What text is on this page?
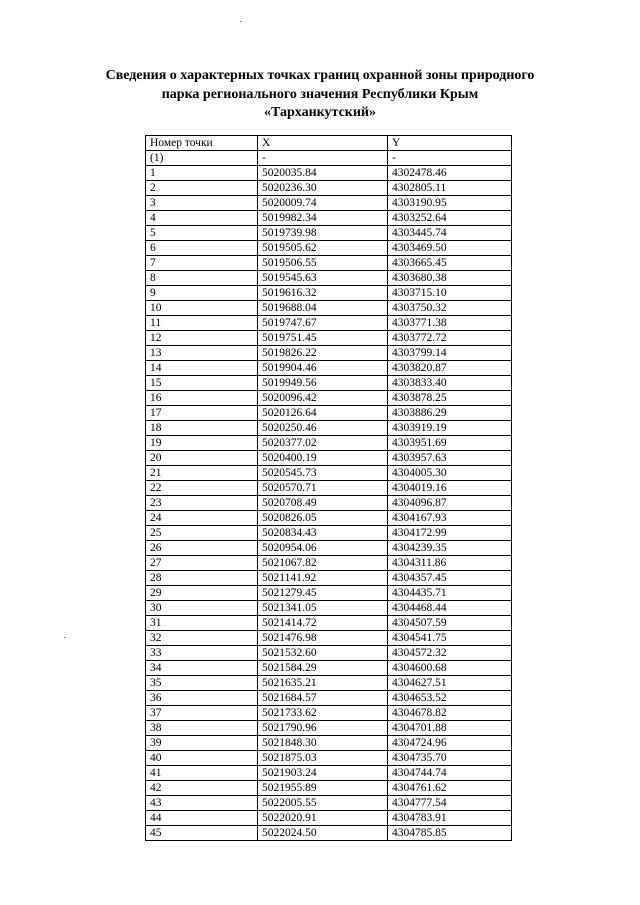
Сведения о характерных точках границ охранной зоны природного
парка регионального значения Республики Крым
«Тарханкутский»
Номер точки	X	Y
(1)	-	-
1	5020035.84	4302478.46
2	5020236.30	4302805.11
3	5020009.74	4303190.95
4	5019982.34	4303252.64
5	5019739.98	4303445.74
6	5019505.62	4303469.50
7	5019506.55	4303665.45
8	5019545.63	4303680.38
9	5019616.32	4303715.10
10	5019688.04	4303750.32
11	5019747.67	4303771.38
12	5019751.45	4303772.72
13	5019826.22	4303799.14
14	5019904.46	4303820.87
15	5019949.56	4303833.40
16	5020096.42	4303878.25
17	5020126.64	4303886.29
18	5020250.46	4303919.19
19	5020377.02	4303951.69
20	5020400.19	4303957.63
21	5020545.73	4304005.30
22	5020570.71	4304019.16
23	5020708.49	4304096.87
24	5020826.05	4304167.93
25	5020834.43	4304172.99
26	5020954.06	4304239.35
27	5021067.82	4304311.86
28	5021141.92	4304357.45
29	5021279.45	4304435.71
30	5021341.05	4304468.44
31	5021414.72	4304507.59
32	5021476.98	4304541.75
33	5021532.60	4304572.32
34	5021584.29	4304600.68
35	5021635.21	4304627.51
36	5021684.57	4304653.52
37	5021733.62	4304678.82
38	5021790.96	4304701.88
39	5021848.30	4304724.96
40	5021875.03	4304735.70
41	5021903.24	4304744.74
42	5021955.89	4304761.62
43	5022005.55	4304777.54
44	5022020.91	4304783.91
45	5022024.50	4304785.85
